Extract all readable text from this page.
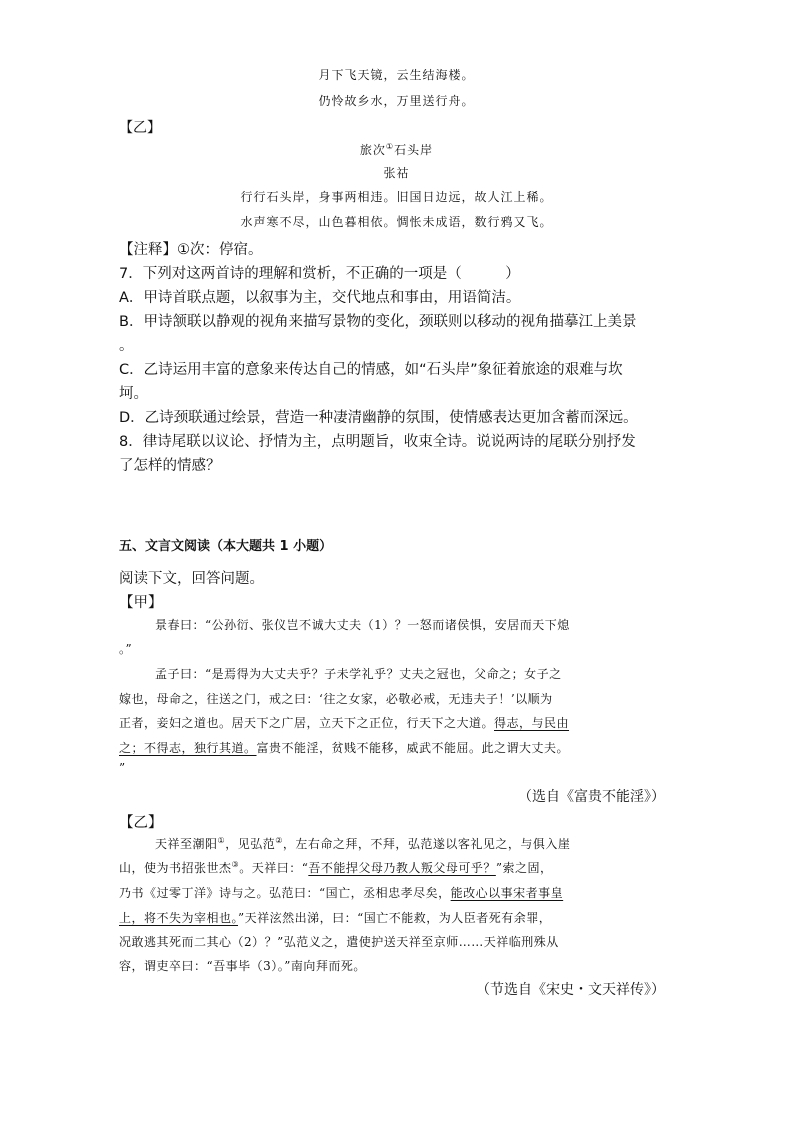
月下飞天镜，云生结海楼。
仍怜故乡水，万里送行舟。
【乙】
旅次①石头岸
张祜
行行石头岸，身事两相违。旧国日边远，故人江上稀。
水声寒不尽，山色暮相依。惆怅未成语，数行鸦又飞。
【注释】①次：停宿。
7．下列对这两首诗的理解和赏析，不正确的一项是（　　　）
A．甲诗首联点题，以叙事为主，交代地点和事由，用语简洁。
B．甲诗颔联以静观的视角来描写景物的变化，颈联则以移动的视角描摹江上美景
。
C．乙诗运用丰富的意象来传达自己的情感，如“石头岸”象征着旅途的艰难与坎
坷。
D．乙诗颈联通过绘景，营造一种凄清幽静的氛围，使情感表达更加含蓄而深远。
8．律诗尾联以议论、抒情为主，点明题旨，收束全诗。说说两诗的尾联分别抒发
了怎样的情感？
五、文言文阅读（本大题共 1 小题）
阅读下文，回答问题。
【甲】
景春曰：“公孙衍、张仪岂不诚大丈夫（1）？一怒而诸侯惧，安居而天下熄
。”
孟子曰：“是焉得为大丈夫乎？子未学礼乎？丈夫之冠也，父命之；女子之
嫁也，母命之，往送之门，戒之曰：‘往之女家，必敬必戒，无违夫子！’以顺为
正者，妾妇之道也。居天下之广居，立天下之正位，行天下之大道。得志，与民由
之；不得志，独行其道。富贵不能淫，贫贱不能移，威武不能屈。此之谓大丈夫。
”
（选自《富贵不能淫》）
【乙】
天祥至潮阳①，见弘范②，左右命之拜，不拜，弘范遂以客礼见之，与俱入崖
山，使为书招张世杰③。天祥曰：“吾不能捍父母乃教人叛父母可乎？”索之固，
乃书《过零丁洋》诗与之。弘范曰：“国亡，丞相忠孝尽矣，能改心以事宋者事皇
上，将不失为宰相也。”天祥泫然出涕，曰：“国亡不能救，为人臣者死有余罪，
况敢逃其死而二其心（2）？”弘范义之，遣使护送天祥至京师……天祥临刑殊从
容，谓吏卒曰：“吾事毕（3）。”南向拜而死。
（节选自《宋史・文天祥传》）
